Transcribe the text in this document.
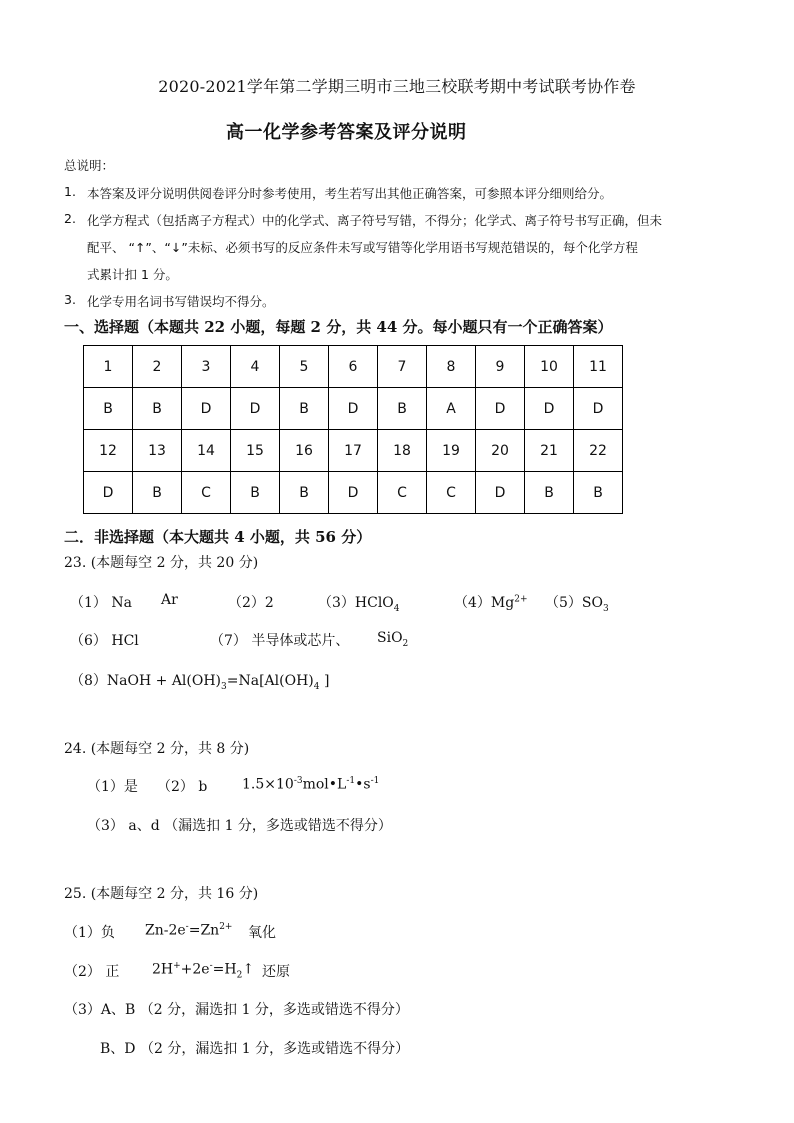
2020-2021学年第二学期三明市三地三校联考期中考试联考协作卷
高一化学参考答案及评分说明
总说明：
1. 本答案及评分说明供阅卷评分时参考使用，考生若写出其他正确答案，可参照本评分细则给分。
2. 化学方程式（包括离子方程式）中的化学式、离子符号写错，不得分；化学式、离子符号书写正确，但未
配平、 “↑”、“↓”未标、必须书写的反应条件未写或写错等化学用语书写规范错误的，每个化学方程
式累计扣 1 分。
3. 化学专用名词书写错误均不得分。
一、选择题（本题共 22 小题，每题 2 分，共 44 分。每小题只有一个正确答案）
1	2	3	4	5	6	7	8	9	10	11
B	B	D	D	B	D	B	A	D	D	D
12	13	14	15	16	17	18	19	20	21	22
D	B	C	B	B	D	C	C	D	B	B
二．非选择题（本大题共 4 小题，共 56 分）
23. (本题每空 2 分，共 20 分)
（1） Na Ar	（2）2	（3）HClO$_4$	$(4)Mg^{2+}$ $(5)SO_3$
（6） HCl	（7） 半导体或芯片、 SiO$_2$
（8）NaOH + $Al(OH)_3=Na[Al(OH)_4$ ]
24. (本题每空 2 分，共 8 分)
（1）是 （2） b $1.5\times 10^{-3}mol•L^{-1}•s^{-1}$
（3） a、d （漏选扣 1 分，多选或错选不得分）
25. (本题每空 2 分，共 16 分)
（1）负 $Zn-2e^-=Zn^{2+}$ 氧化
（2） 正 $2H^++2e^-=H_2↑$ 还原
（3）A、B （2 分，漏选扣 1 分，多选或错选不得分）
B、D （2 分，漏选扣 1 分，多选或错选不得分）
